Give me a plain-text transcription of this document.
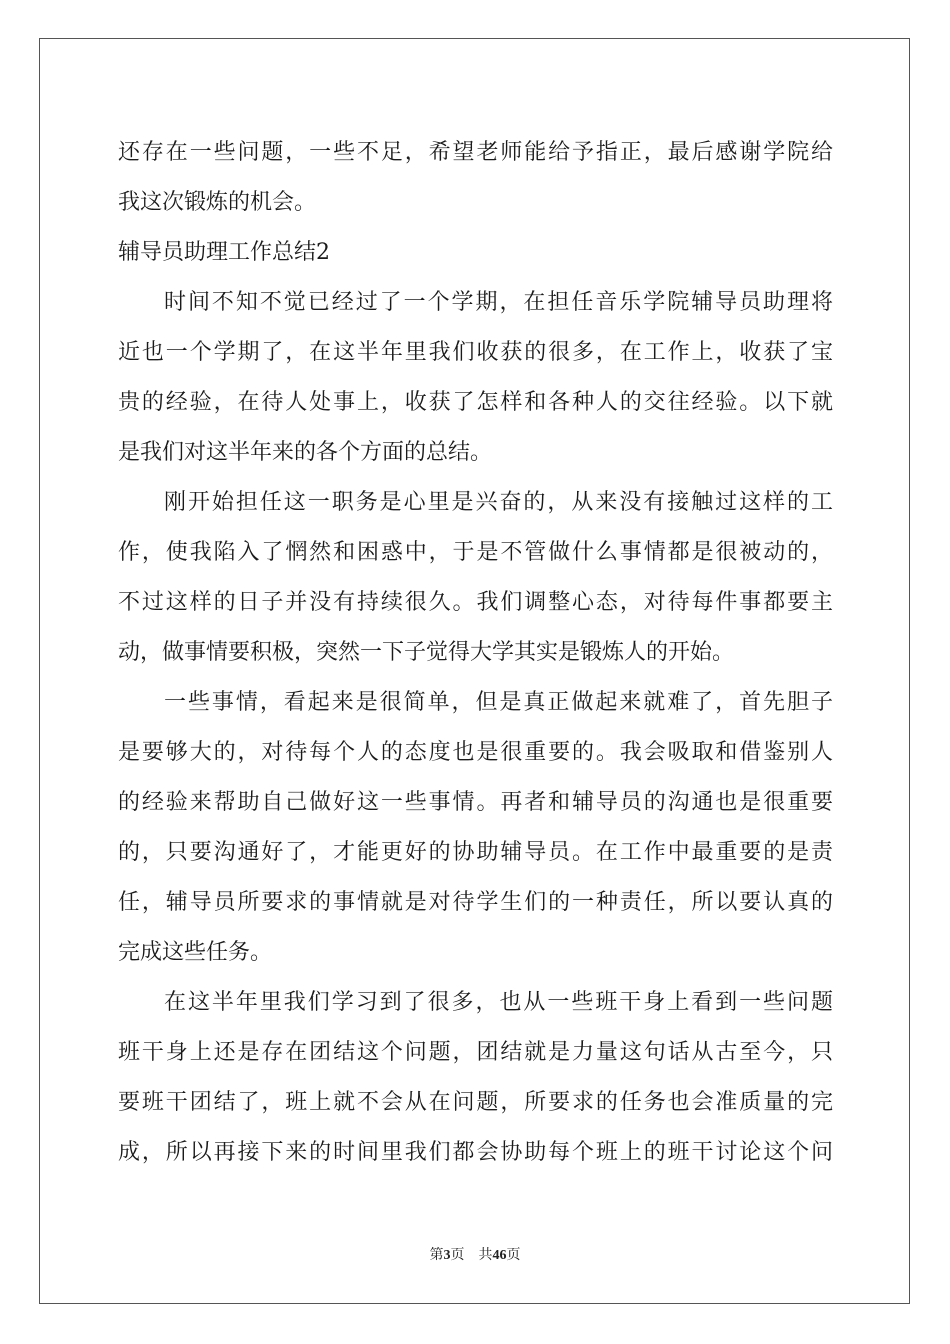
还存在一些问题，一些不足，希望老师能给予指正，最后感谢学院给
我这次锻炼的机会。
辅导员助理工作总结2
时间不知不觉已经过了一个学期，在担任音乐学院辅导员助理将
近也一个学期了，在这半年里我们收获的很多，在工作上，收获了宝
贵的经验，在待人处事上，收获了怎样和各种人的交往经验。以下就
是我们对这半年来的各个方面的总结。
刚开始担任这一职务是心里是兴奋的，从来没有接触过这样的工
作，使我陷入了惘然和困惑中，于是不管做什么事情都是很被动的，
不过这样的日子并没有持续很久。我们调整心态，对待每件事都要主
动，做事情要积极，突然一下子觉得大学其实是锻炼人的开始。
一些事情，看起来是很简单，但是真正做起来就难了，首先胆子
是要够大的，对待每个人的态度也是很重要的。我会吸取和借鉴别人
的经验来帮助自己做好这一些事情。再者和辅导员的沟通也是很重要
的，只要沟通好了，才能更好的协助辅导员。在工作中最重要的是责
任，辅导员所要求的事情就是对待学生们的一种责任，所以要认真的
完成这些任务。
在这半年里我们学习到了很多，也从一些班干身上看到一些问题
班干身上还是存在团结这个问题，团结就是力量这句话从古至今，只
要班干团结了，班上就不会从在问题，所要求的任务也会准质量的完
成，所以再接下来的时间里我们都会协助每个班上的班干讨论这个问
第3页 共46页
